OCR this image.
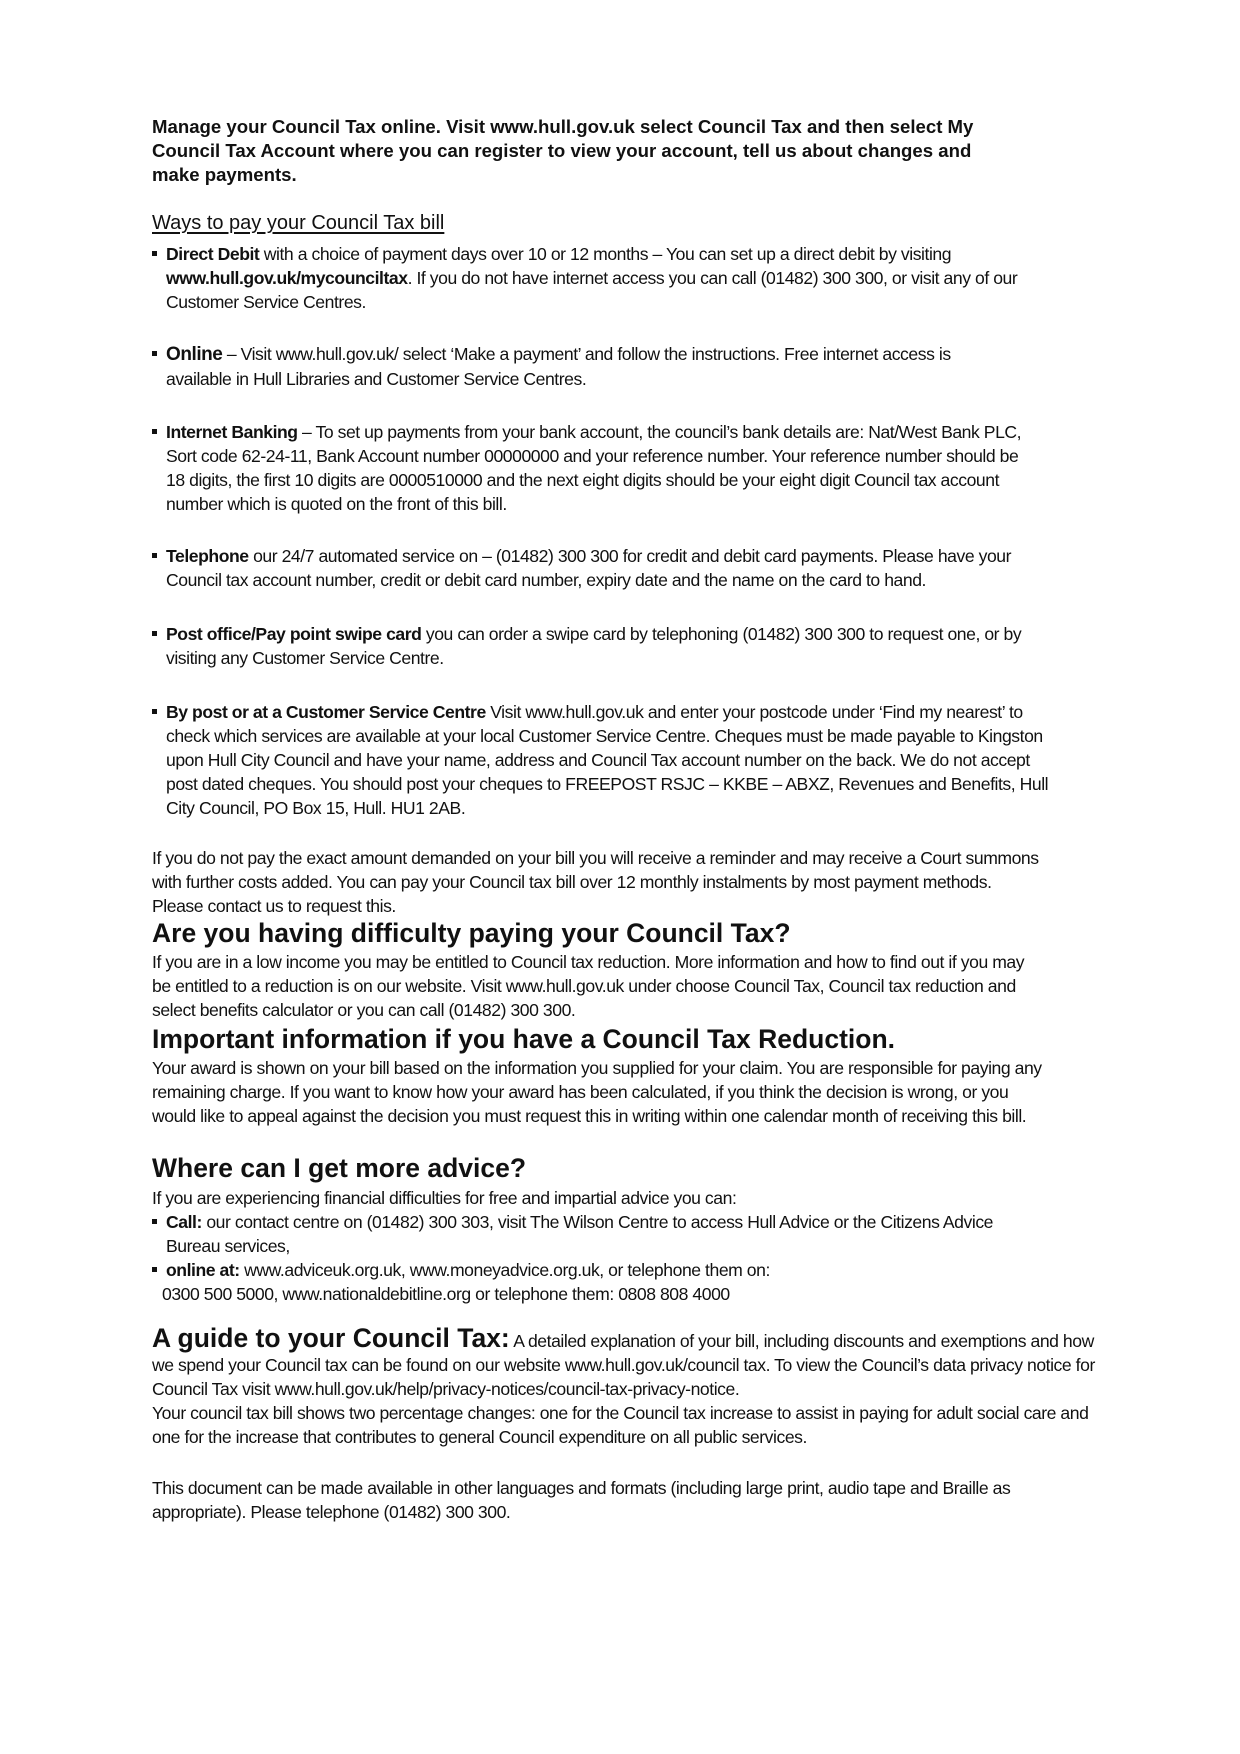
Manage your Council Tax online. Visit www.hull.gov.uk select Council Tax and then select My Council Tax Account where you can register to view your account, tell us about changes and make payments.
Ways to pay your Council Tax bill
Direct Debit with a choice of payment days over 10 or 12 months – You can set up a direct debit by visiting www.hull.gov.uk/mycounciltax. If you do not have internet access you can call (01482) 300 300, or visit any of our Customer Service Centres.
Online – Visit www.hull.gov.uk/ select ‘Make a payment’ and follow the instructions. Free internet access is available in Hull Libraries and Customer Service Centres.
Internet Banking – To set up payments from your bank account, the council’s bank details are: Nat/West Bank PLC, Sort code 62-24-11, Bank Account number 00000000 and your reference number. Your reference number should be 18 digits, the first 10 digits are 0000510000 and the next eight digits should be your eight digit Council tax account number which is quoted on the front of this bill.
Telephone our 24/7 automated service on – (01482) 300 300 for credit and debit card payments. Please have your Council tax account number, credit or debit card number, expiry date and the name on the card to hand.
Post office/Pay point swipe card you can order a swipe card by telephoning (01482) 300 300 to request one, or by visiting any Customer Service Centre.
By post or at a Customer Service Centre Visit www.hull.gov.uk and enter your postcode under ‘Find my nearest’ to check which services are available at your local Customer Service Centre. Cheques must be made payable to Kingston upon Hull City Council and have your name, address and Council Tax account number on the back. We do not accept post dated cheques. You should post your cheques to FREEPOST RSJC – KKBE – ABXZ, Revenues and Benefits, Hull City Council, PO Box 15, Hull. HU1 2AB.
If you do not pay the exact amount demanded on your bill you will receive a reminder and may receive a Court summons with further costs added. You can pay your Council tax bill over 12 monthly instalments by most payment methods. Please contact us to request this.
Are you having difficulty paying your Council Tax?
If you are in a low income you may be entitled to Council tax reduction. More information and how to find out if you may be entitled to a reduction is on our website. Visit www.hull.gov.uk under choose Council Tax, Council tax reduction and select benefits calculator or you can call (01482) 300 300.
Important information if you have a Council Tax Reduction.
Your award is shown on your bill based on the information you supplied for your claim. You are responsible for paying any remaining charge. If you want to know how your award has been calculated, if you think the decision is wrong, or you would like to appeal against the decision you must request this in writing within one calendar month of receiving this bill.
Where can I get more advice?
If you are experiencing financial difficulties for free and impartial advice you can:
Call: our contact centre on (01482) 300 303, visit The Wilson Centre to access Hull Advice or the Citizens Advice Bureau services,
online at: www.adviceuk.org.uk, www.moneyadvice.org.uk, or telephone them on:
0300 500 5000, www.nationaldebitline.org or telephone them: 0808 808 4000
A guide to your Council Tax: A detailed explanation of your bill, including discounts and exemptions and how we spend your Council tax can be found on our website www.hull.gov.uk/council tax. To view the Council’s data privacy notice for Council Tax visit www.hull.gov.uk/help/privacy-notices/council-tax-privacy-notice.
Your council tax bill shows two percentage changes: one for the Council tax increase to assist in paying for adult social care and one for the increase that contributes to general Council expenditure on all public services.
This document can be made available in other languages and formats (including large print, audio tape and Braille as appropriate). Please telephone (01482) 300 300.
